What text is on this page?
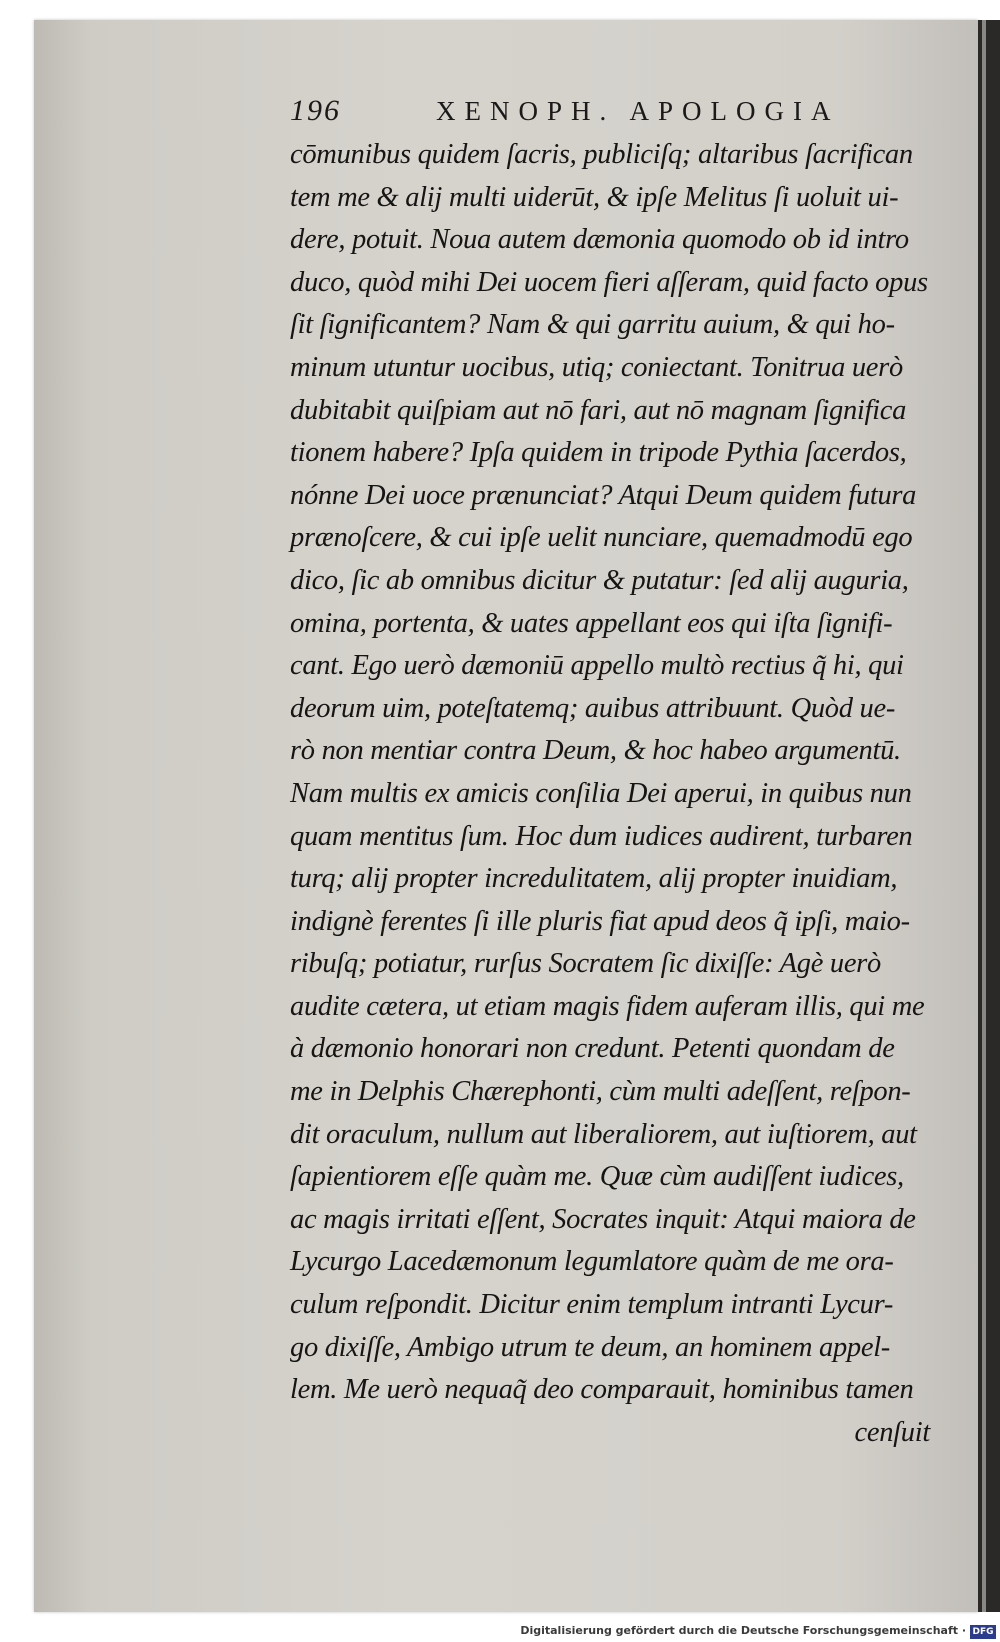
196	XENOPH. APOLOGIA
cōmunibus quidem ſacris, publiciſq; altaribus ſacrifican
tem me & alij multi uiderūt, & ipſe Melitus ſi uoluit ui-
dere, potuit. Noua autem dæmonia quomodo ob id intro
duco, quòd mihi Dei uocem fieri aſſeram, quid facto opus
ſit ſignificantem? Nam & qui garritu auium, & qui ho-
minum utuntur uocibus, utiq; coniectant. Tonitrua uerò
dubitabit quiſpiam aut nō fari, aut nō magnam ſignifica
tionem habere? Ipſa quidem in tripode Pythia ſacerdos,
nónne Dei uoce prænunciat? Atqui Deum quidem futura
prænoſcere, & cui ipſe uelit nunciare, quemadmodū ego
dico, ſic ab omnibus dicitur & putatur: ſed alij auguria,
omina, portenta, & uates appellant eos qui iſta ſignifi-
cant. Ego uerò dæmoniū appello multò rectius q̃ hi, qui
deorum uim, poteſtatemq; auibus attribuunt. Quòd ue-
rò non mentiar contra Deum, & hoc habeo argumentū.
Nam multis ex amicis conſilia Dei aperui, in quibus nun
quam mentitus ſum. Hoc dum iudices audirent, turbaren
turq; alij propter incredulitatem, alij propter inuidiam,
indignè ferentes ſi ille pluris fiat apud deos q̃ ipſi, maio-
ribuſq; potiatur, rurſus Socratem ſic dixiſſe: Agè uerò
audite cætera, ut etiam magis fidem auferam illis, qui me
à dæmonio honorari non credunt. Petenti quondam de
me in Delphis Chærephonti, cùm multi adeſſent, reſpon-
dit oraculum, nullum aut liberaliorem, aut iuſtiorem, aut
ſapientiorem eſſe quàm me. Quæ cùm audiſſent iudices,
ac magis irritati eſſent, Socrates inquit: Atqui maiora de
Lycurgo Lacedæmonum legumlatore quàm de me ora-
culum reſpondit. Dicitur enim templum intranti Lycur-
go dixiſſe, Ambigo utrum te deum, an hominem appel-
lem. Me uerò nequaq̃ deo comparauit, hominibus tamen
cenſuit
Digitalisierung gefördert durch die Deutsche Forschungsgemeinschaft · DFG
